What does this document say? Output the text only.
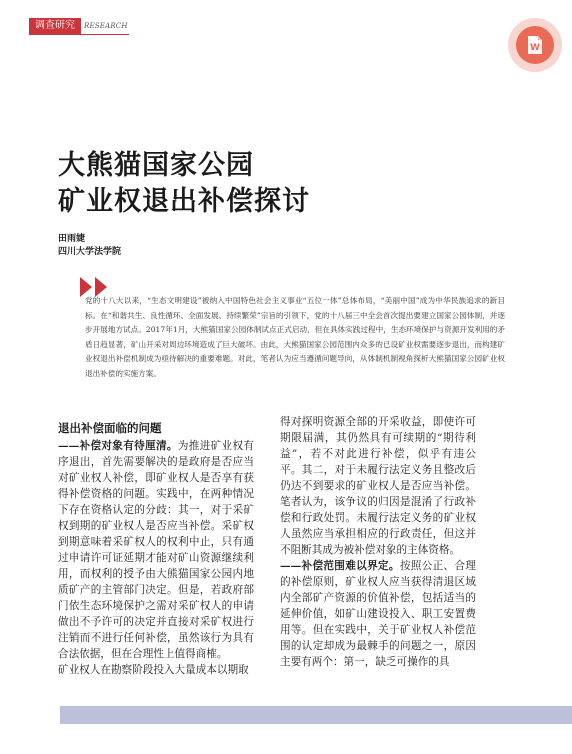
调查研究	RESEARCH
W
大熊猫国家公园
矿业权退出补偿探讨
田雨婕
四川大学法学院

党的十八大以来，“生态文明建设”被纳入中国特色社会主义事业“五位一体”总体布局，“美丽中国”成为中华民族追求的新目标。在“和谐共生、良性循环、全面发展、持续繁荣”宗旨的引领下，党的十八届三中全会首次提出要建立国家公园体制，并逐步开展地方试点。2017年1月，大熊猫国家公园体制试点正式启动，但在具体实践过程中，生态环境保护与资源开发利用的矛盾日趋显著，矿山开采对周边环境造成了巨大破坏。由此，大熊猫国家公园范围内众多的已设矿业权需要逐步退出，而构建矿业权退出补偿机制成为亟待解决的重要难题。对此，笔者认为应当遵循问题导向，从体制机制视角探析大熊猫国家公园矿业权退出补偿的实施方案。

退出补偿面临的问题

——补偿对象有待厘清。为推进矿业权有序退出，首先需要解决的是政府是否应当对矿业权人补偿，即矿业权人是否享有获得补偿资格的问题。实践中，在两种情况下存在资格认定的分歧：其一，对于采矿权到期的矿业权人是否应当补偿。采矿权到期意味着采矿权人的权利中止，只有通过申请许可证延期才能对矿山资源继续利用，而权利的授予由大熊猫国家公园内地质矿产的主管部门决定。但是，若政府部门依生态环境保护之需对采矿权人的申请做出不予许可的决定并直接对采矿权进行注销而不进行任何补偿，虽然该行为具有合法依据，但在合理性上值得商榷。

矿业权人在勘察阶段投入大量成本以期取

得对探明资源全部的开采收益，即使许可期限届满，其仍然具有可续期的“期待利益”，若不对此进行补偿，似乎有违公平。其二，对于未履行法定义务且整改后仍达不到要求的矿业权人是否应当补偿。笔者认为，该争议的归因是混淆了行政补偿和行政处罚。未履行法定义务的矿业权人虽然应当承担相应的行政责任，但这并不阻断其成为被补偿对象的主体资格。

——补偿范围难以界定。按照公正、合理的补偿原则，矿业权人应当获得清退区域内全部矿产资源的价值补偿，包括适当的延伸价值，如矿山建设投入、职工安置费用等。但在实践中，关于矿业权人补偿范围的认定却成为最棘手的问题之一，原因主要有两个：第一，缺乏可操作的具
